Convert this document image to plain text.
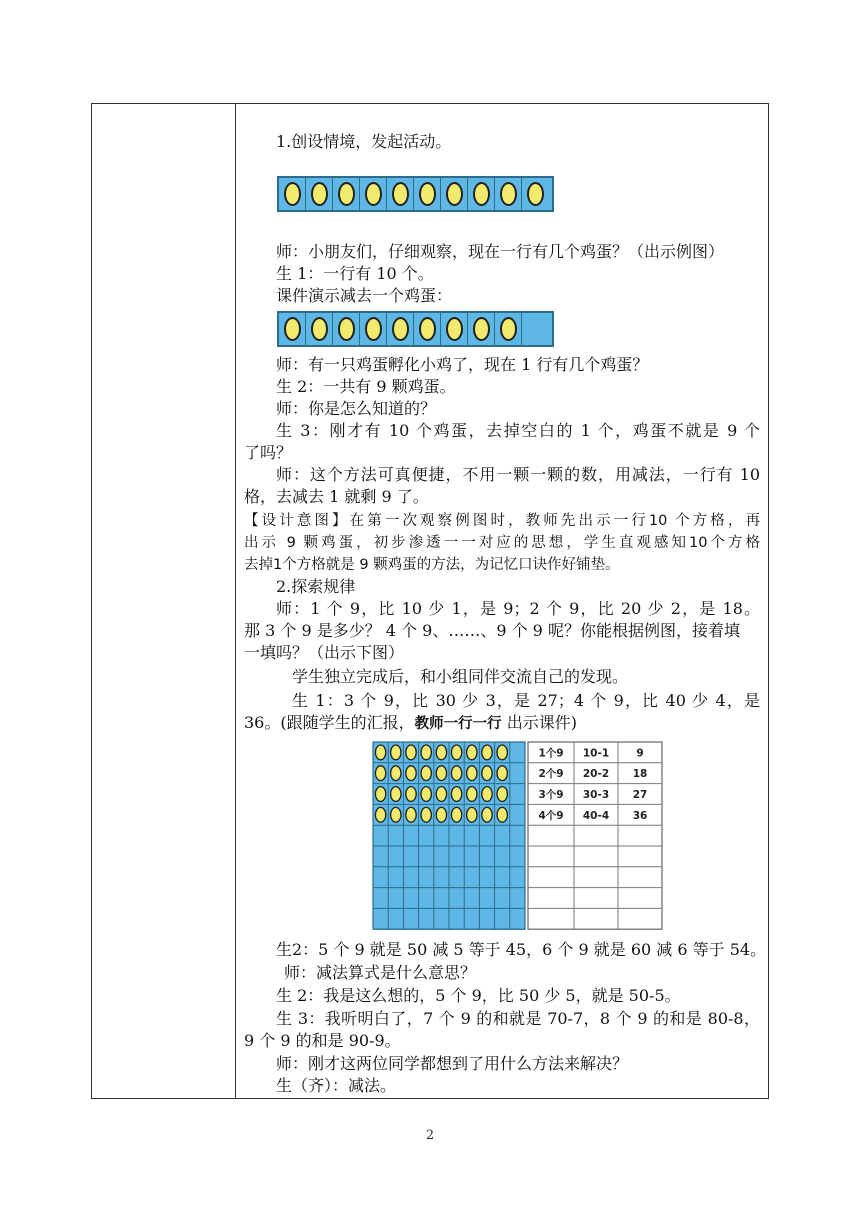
1.创设情境，发起活动。
师：小朋友们，仔细观察，现在一行有几个鸡蛋？（出示例图）
生 1：一行有 10 个。
课件演示减去一个鸡蛋：
师：有一只鸡蛋孵化小鸡了，现在 1 行有几个鸡蛋？
生 2：一共有 9 颗鸡蛋。
师：你是怎么知道的？
生 3：刚才有 10 个鸡蛋，去掉空白的 1 个，鸡蛋不就是 9 个
了吗？
师：这个方法可真便捷，不用一颗一颗的数，用减法，一行有 10
格，去减去 1 就剩 9 了。
【设计意图】在第一次观察例图时，教师先出示一行10 个方格，再
出示 9 颗鸡蛋，初步渗透一一对应的思想，学生直观感知10个方格
去掉1个方格就是 9 颗鸡蛋的方法，为记忆口诀作好铺垫。
2.探索规律
师：1 个 9，比 10 少 1，是 9；2 个 9，比 20 少 2，是 18。
那 3 个 9 是多少？ 4 个 9、……、9 个 9 呢？你能根据例图，接着填
一填吗？（出示下图）
学生独立完成后，和小组同伴交流自己的发现。
生 1：3 个 9，比 30 少 3，是 27；4 个 9，比 40 少 4，是
36。(跟随学生的汇报，教师一行一行 出示课件)
1个9 10-1	9
2个9 20-2 18
3个9 30-3 27
4个9 40-4 36
生2：5 个 9 就是 50 减 5 等于 45，6 个 9 就是 60 减 6 等于 54。
师：减法算式是什么意思？
生 2：我是这么想的，5 个 9，比 50 少 5，就是 50-5。
生 3：我听明白了，7 个 9 的和就是 70-7，8 个 9 的和是 80-8，
9 个 9 的和是 90-9。
师：刚才这两位同学都想到了用什么方法来解决？
生（齐）：减法。
2
